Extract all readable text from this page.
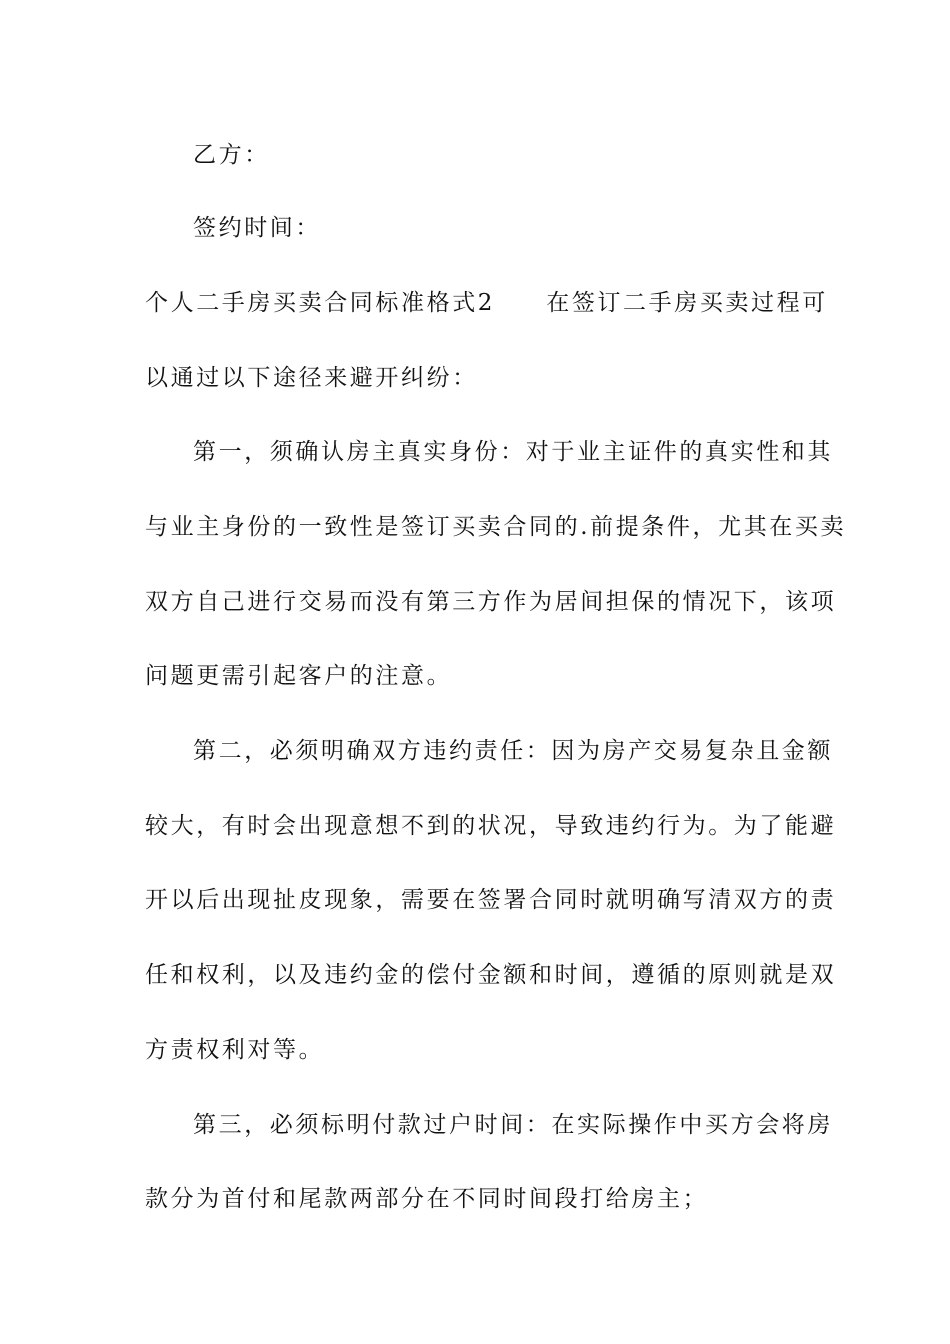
乙方：
签约时间：
个人二手房买卖合同标准格式2　　在签订二手房买卖过程可
以通过以下途径来避开纠纷：
第一，须确认房主真实身份：对于业主证件的真实性和其
与业主身份的一致性是签订买卖合同的.前提条件，尤其在买卖
双方自己进行交易而没有第三方作为居间担保的情况下，该项
问题更需引起客户的注意。
第二，必须明确双方违约责任：因为房产交易复杂且金额
较大，有时会出现意想不到的状况，导致违约行为。为了能避
开以后出现扯皮现象，需要在签署合同时就明确写清双方的责
任和权利，以及违约金的偿付金额和时间，遵循的原则就是双
方责权利对等。
第三，必须标明付款过户时间：在实际操作中买方会将房
款分为首付和尾款两部分在不同时间段打给房主；
